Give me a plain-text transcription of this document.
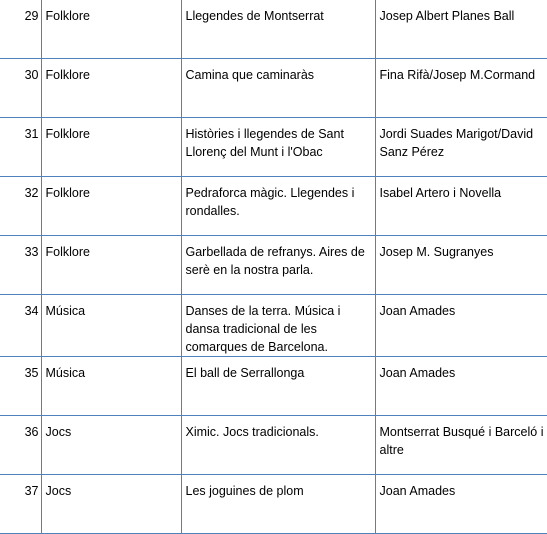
29	Folklore	Llegendes de Montserrat	Josep Albert Planes Ball
30	Folklore	Camina que caminaràs	Fina Rifà/Josep M.Cormand
31	Folklore	Històries i llegendes de Sant Llorenç del Munt i l'Obac	Jordi Suades Marigot/David Sanz Pérez
32	Folklore	Pedraforca màgic. Llegendes i rondalles.	Isabel Artero i Novella
33	Folklore	Garbellada de refranys. Aires de serè en la nostra parla.	Josep M. Sugranyes
34	Música	Danses de la terra. Música i dansa tradicional de les comarques de Barcelona.	Joan Amades
35	Música	El ball de Serrallonga	Joan Amades
36	Jocs	Ximic. Jocs tradicionals.	Montserrat Busqué i Barceló i altre
37	Jocs	Les joguines de plom	Joan Amades
